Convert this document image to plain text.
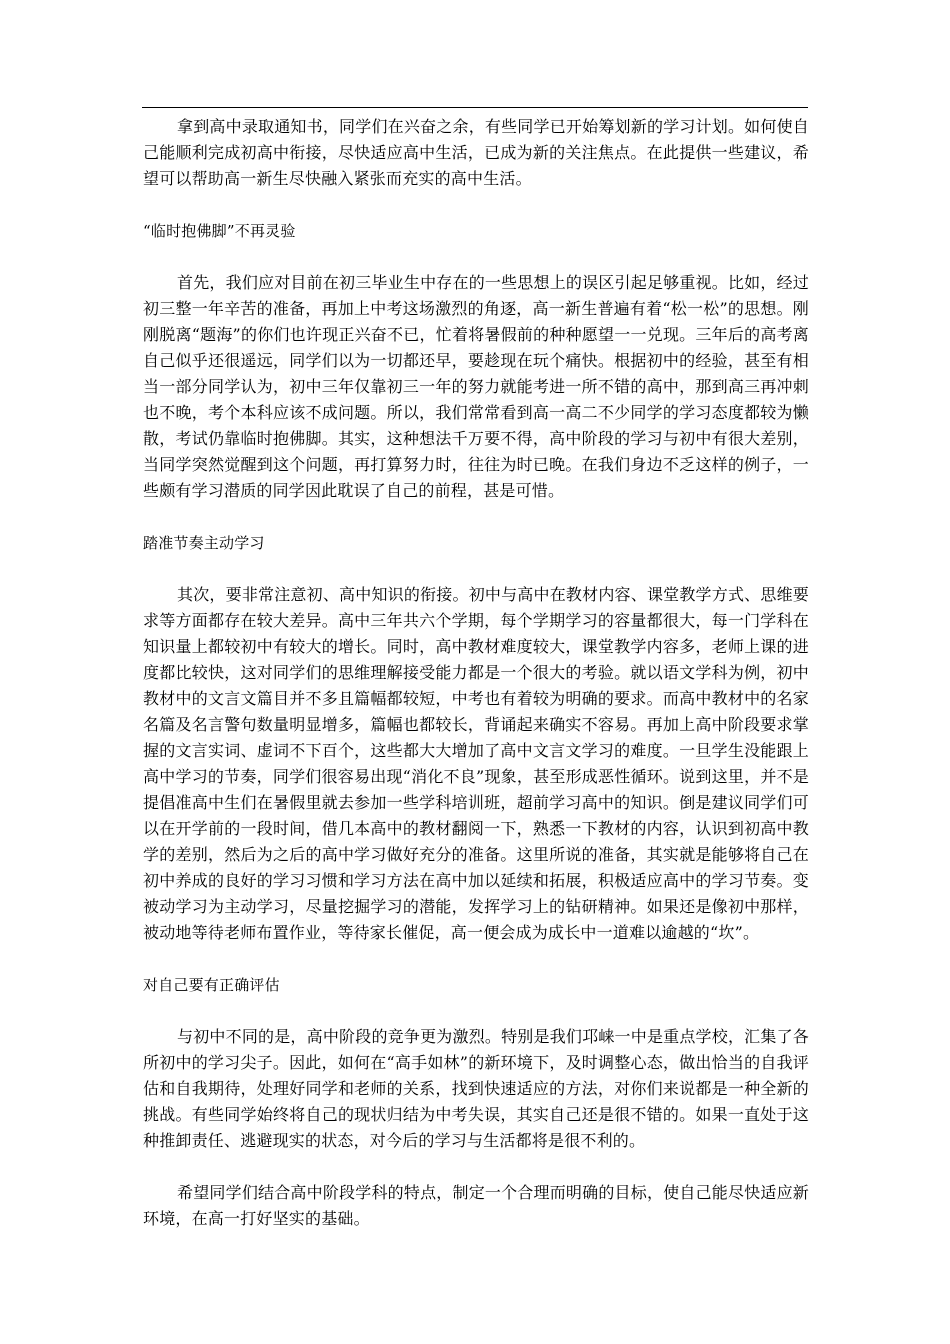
拿到高中录取通知书，同学们在兴奋之余，有些同学已开始筹划新的学习计划。如何使自己能顺利完成初高中衔接，尽快适应高中生活，已成为新的关注焦点。在此提供一些建议，希望可以帮助高一新生尽快融入紧张而充实的高中生活。

“临时抱佛脚”不再灵验

首先，我们应对目前在初三毕业生中存在的一些思想上的误区引起足够重视。比如，经过初三整一年辛苦的准备，再加上中考这场激烈的角逐，高一新生普遍有着“松一松”的思想。刚刚脱离“题海”的你们也许现正兴奋不已，忙着将暑假前的种种愿望一一兑现。三年后的高考离自己似乎还很遥远，同学们以为一切都还早，要趁现在玩个痛快。根据初中的经验，甚至有相当一部分同学认为，初中三年仅靠初三一年的努力就能考进一所不错的高中，那到高三再冲刺也不晚，考个本科应该不成问题。所以，我们常常看到高一高二不少同学的学习态度都较为懒散，考试仍靠临时抱佛脚。其实，这种想法千万要不得，高中阶段的学习与初中有很大差别，当同学突然觉醒到这个问题，再打算努力时，往往为时已晚。在我们身边不乏这样的例子，一些颇有学习潜质的同学因此耽误了自己的前程，甚是可惜。

踏准节奏主动学习

其次，要非常注意初、高中知识的衔接。初中与高中在教材内容、课堂教学方式、思维要求等方面都存在较大差异。高中三年共六个学期，每个学期学习的容量都很大，每一门学科在知识量上都较初中有较大的增长。同时，高中教材难度较大，课堂教学内容多，老师上课的进度都比较快，这对同学们的思维理解接受能力都是一个很大的考验。就以语文学科为例，初中教材中的文言文篇目并不多且篇幅都较短，中考也有着较为明确的要求。而高中教材中的名家名篇及名言警句数量明显增多，篇幅也都较长，背诵起来确实不容易。再加上高中阶段要求掌握的文言实词、虚词不下百个，这些都大大增加了高中文言文学习的难度。一旦学生没能跟上高中学习的节奏，同学们很容易出现“消化不良”现象，甚至形成恶性循环。说到这里，并不是提倡准高中生们在暑假里就去参加一些学科培训班，超前学习高中的知识。倒是建议同学们可以在开学前的一段时间，借几本高中的教材翻阅一下，熟悉一下教材的内容，认识到初高中教学的差别，然后为之后的高中学习做好充分的准备。这里所说的准备，其实就是能够将自己在初中养成的良好的学习习惯和学习方法在高中加以延续和拓展，积极适应高中的学习节奏。变被动学习为主动学习，尽量挖掘学习的潜能，发挥学习上的钻研精神。如果还是像初中那样，被动地等待老师布置作业，等待家长催促，高一便会成为成长中一道难以逾越的“坎”。

对自己要有正确评估

与初中不同的是，高中阶段的竞争更为激烈。特别是我们邛崃一中是重点学校，汇集了各所初中的学习尖子。因此，如何在“高手如林”的新环境下，及时调整心态，做出恰当的自我评估和自我期待，处理好同学和老师的关系，找到快速适应的方法，对你们来说都是一种全新的挑战。有些同学始终将自己的现状归结为中考失误，其实自己还是很不错的。如果一直处于这种推卸责任、逃避现实的状态，对今后的学习与生活都将是很不利的。

希望同学们结合高中阶段学科的特点，制定一个合理而明确的目标，使自己能尽快适应新环境，在高一打好坚实的基础。
